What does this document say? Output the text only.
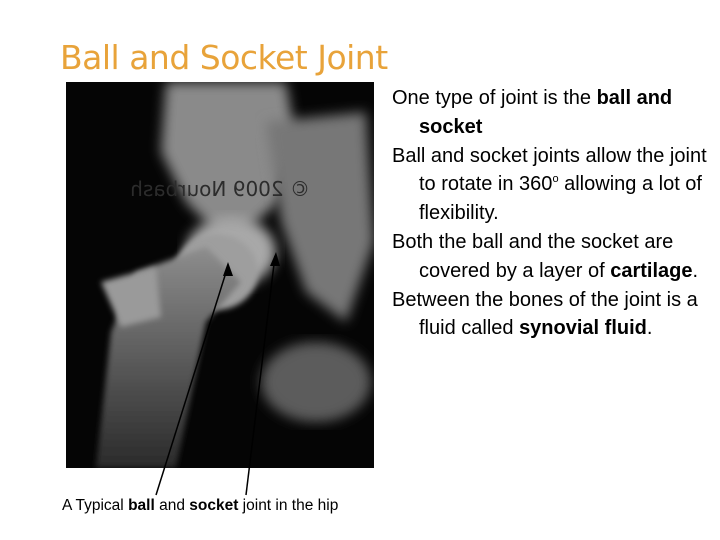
Ball and Socket Joint
© 2009 Nourbash
A Typical ball and socket joint in the hip

One type of joint is the ball and socket

Ball and socket joints allow the joint to rotate in 360$^o$ allowing a lot of flexibility.

Both the ball and the socket are covered by a layer of cartilage.

Between the bones of the joint is a fluid called synovial fluid.
